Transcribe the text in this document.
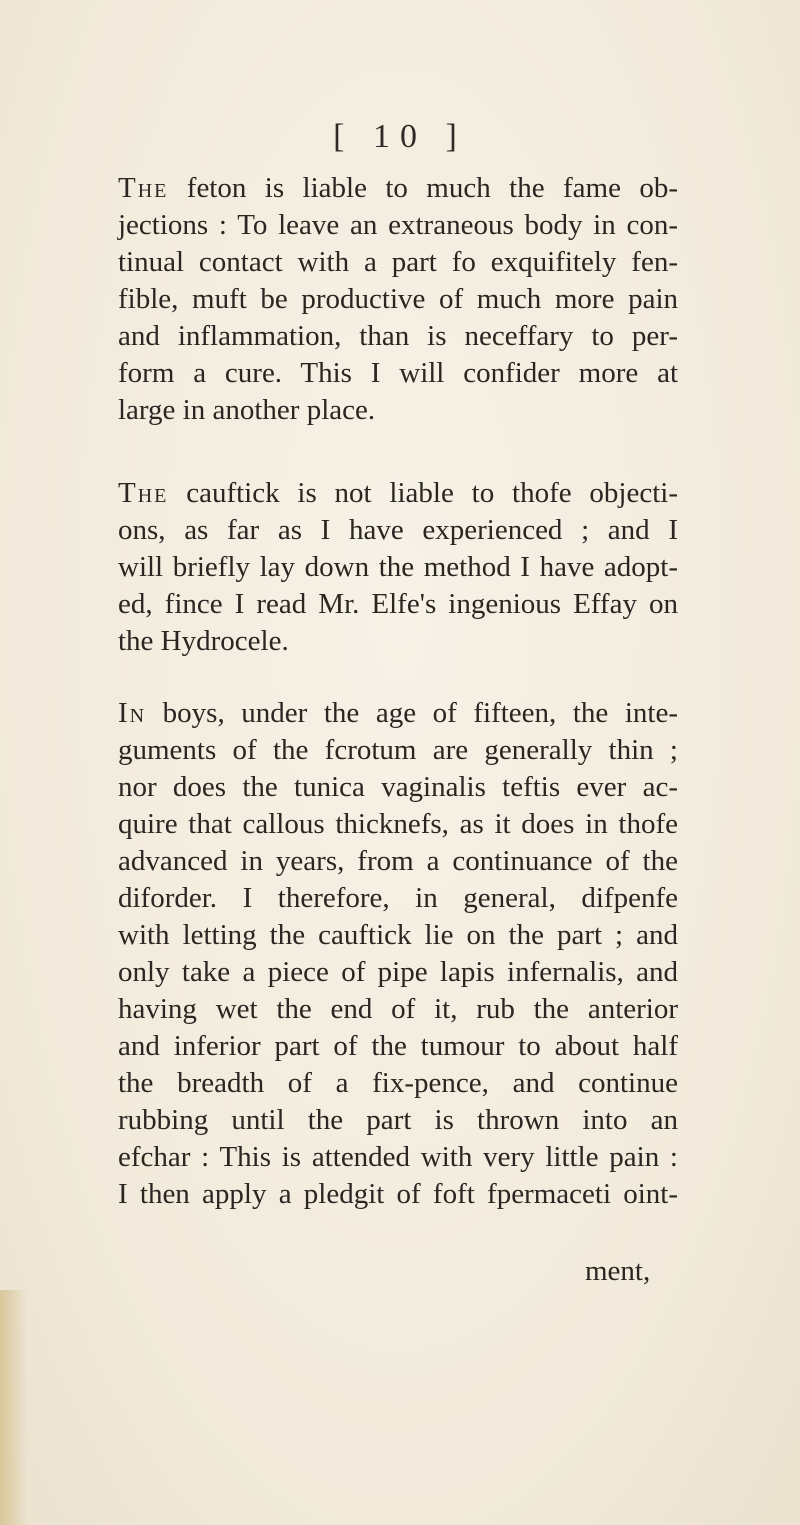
[ 10 ]
The feton is liable to much the fame ob-
jections : To leave an extraneous body in con-
tinual contact with a part fo exquifitely fen-
fible, muft be productive of much more pain
and inflammation, than is neceffary to per-
form a cure. This I will confider more at
large in another place.
The cauftick is not liable to thofe objecti-
ons, as far as I have experienced ; and I
will briefly lay down the method I have adopt-
ed, fince I read Mr. Elfe's ingenious Effay on
the Hydrocele.
In boys, under the age of fifteen, the inte-
guments of the fcrotum are generally thin ;
nor does the tunica vaginalis teftis ever ac-
quire that callous thicknefs, as it does in thofe
advanced in years, from a continuance of the
diforder. I therefore, in general, difpenfe
with letting the cauftick lie on the part ; and
only take a piece of pipe lapis infernalis, and
having wet the end of it, rub the anterior
and inferior part of the tumour to about half
the breadth of a fix-pence, and continue
rubbing until the part is thrown into an
efchar : This is attended with very little pain :
I then apply a pledgit of foft fpermaceti oint-
ment,
